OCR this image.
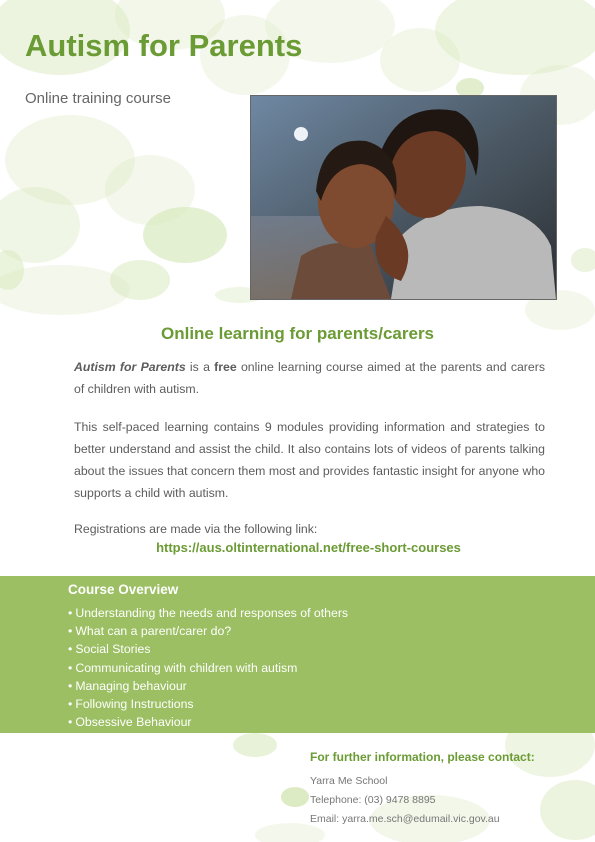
Autism for Parents

Online training course

Online learning for parents/carers

Autism for Parents is a free online learning course aimed at the parents and carers of children with autism.

This self-paced learning contains 9 modules providing information and strategies to better understand and assist the child. It also contains lots of videos of parents talking about the issues that concern them most and provides fantastic insight for anyone who supports a child with autism.

Registrations are made via the following link:

https://aus.oltinternational.net/free-short-courses

Course Overview
• Understanding the needs and responses of others
• What can a parent/carer do?
• Social Stories
• Communicating with children with autism
• Managing behaviour
• Following Instructions
• Obsessive Behaviour

For further information, please contact:

Yarra Me School

Telephone: (03) 9478 8895

Email: yarra.me.sch@edumail.vic.gov.au
